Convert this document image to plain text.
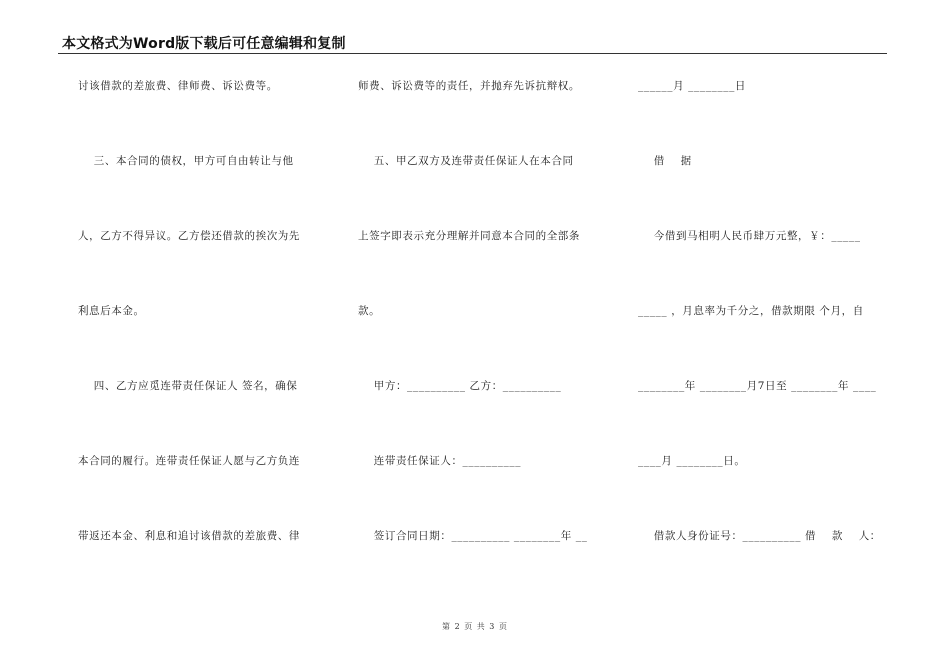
本文格式为Word版下载后可任意编辑和复制
讨该借款的差旅费、律师费、诉讼费等。
三、本合同的债权，甲方可自由转让与他
人，乙方不得异议。乙方偿还借款的挨次为先
利息后本金。
四、乙方应觅连带责任保证人 签名，确保
本合同的履行。连带责任保证人愿与乙方负连
带返还本金、利息和追讨该借款的差旅费、律
师费、诉讼费等的责任，并抛弃先诉抗辩权。
五、甲乙双方及连带责任保证人在本合同
上签字即表示充分理解并同意本合同的全部条
款。
甲方：__________ 乙方：__________
连带责任保证人：__________
签订合同日期：__________ ________年 __
______月 ________日
借    据
今借到马相明人民币肆万元整，￥：_____
_____ ，月息率为千分之，借款期限 个月，自
________年 ________月7日至 ________年 ____
____月 ________日。
借款人身份证号：__________ 借    款    人：
第 2 页 共 3 页
